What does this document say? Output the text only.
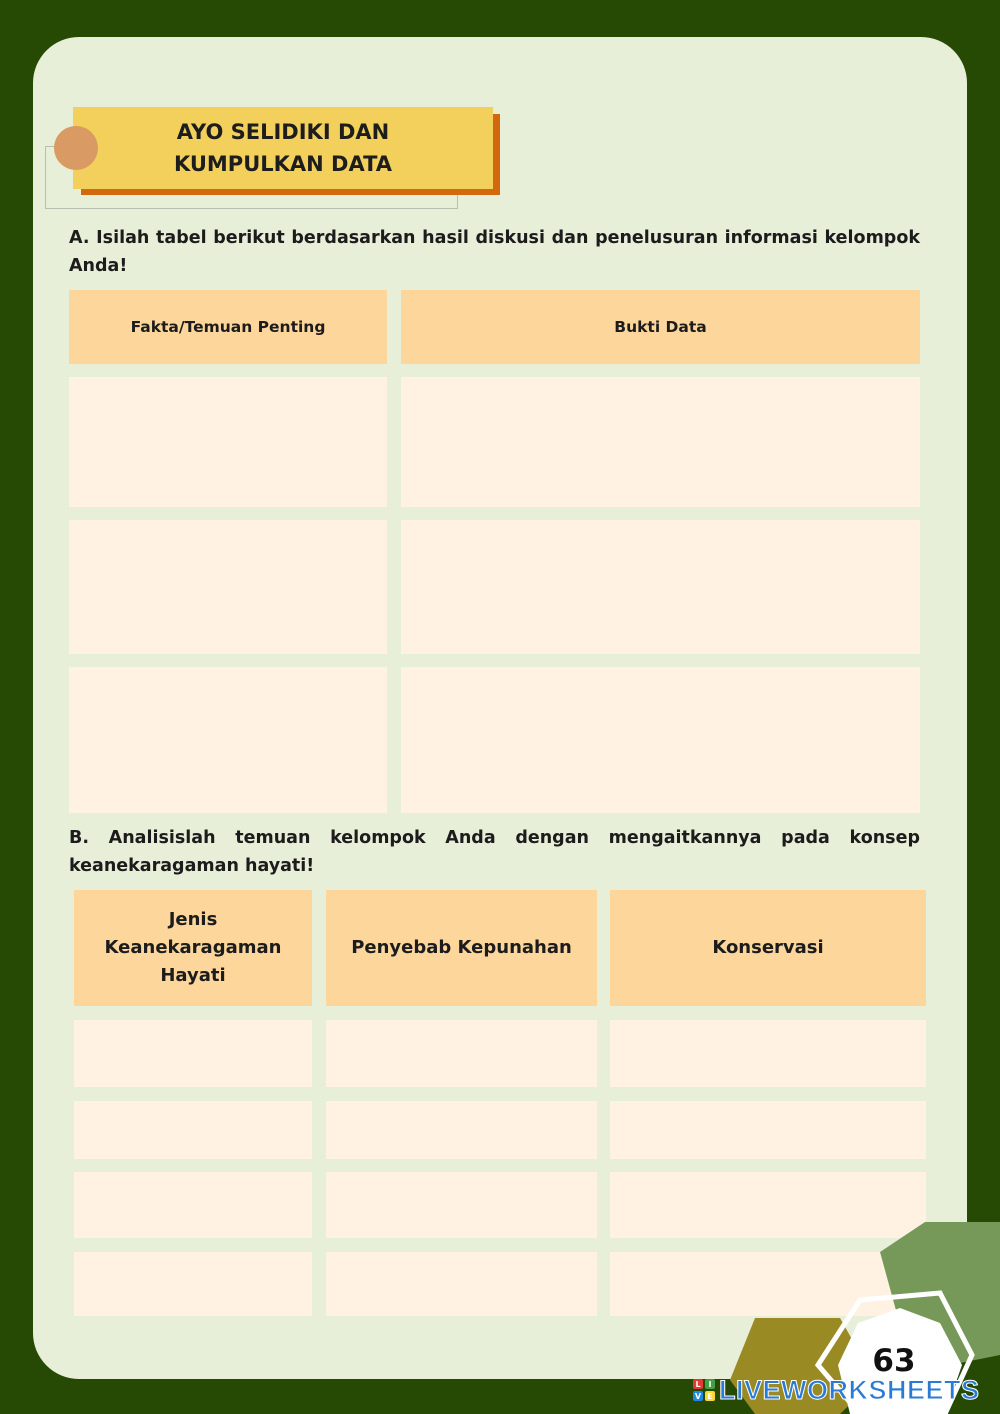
AYO SELIDIKI DAN
KUMPULKAN DATA
A. Isilah tabel berikut berdasarkan hasil diskusi dan penelusuran informasi kelompok Anda!
Fakta/Temuan Penting	Bukti Data
B. Analisislah temuan kelompok Anda dengan mengaitkannya pada konsep keanekaragaman hayati!
Jenis Keanekaragaman Hayati
Penyebab Kepunahan	Konservasi
63
L I
V E LIVEWORKSHEETS
